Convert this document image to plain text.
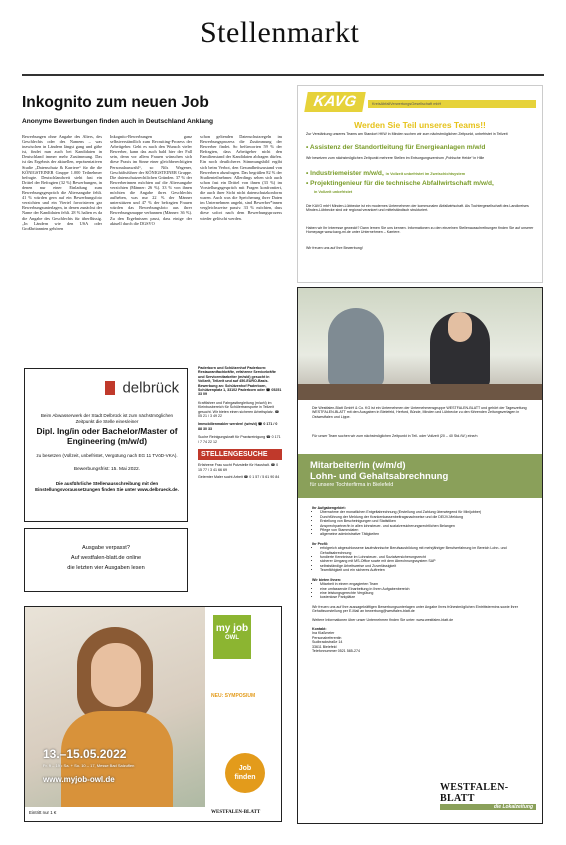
Stellenmarkt
Inkognito zum neuen Job
Anonyme Bewerbungen finden auch in Deutschland Anklang
Bewerbungen ohne Angabe des Alters, des Geschlechts oder des Namens – was inzwischen in Ländern längst gang und gäbe ist, findet nun auch bei Kandidaten in Deutschland immer mehr Zustimmung. Das ist das Ergebnis der aktuellen, repräsentativen Studie „Datenschutz & Karriere“ für die die KÖNIGSTEINER Gruppe 1.000 Teilnehmer befragte. Deutschlandweit sieht fast ein Drittel der Befragten (32 %) Bewerbungen, in denen nur einer Einladung zum Bewerbungsgespräch die Altersangabe fehlt. 41 % würden gern auf ein Bewerbungsfoto verzichten und ein Viertel favorisieren gar Bewerbungsunterlagen, in denen zunächst der Name der Kandidaten fehlt. 28 % halten es da die Angabe des Geschlechts für überflüssig. „In Ländern wie den USA oder Großbritannien gehören
Inkognito-Bewerbungen ganz selbstverständlich zum Recruiting-Prozess der Arbeitgeber. Geht es nach den Wunsch vieler Bewerber, kann das auch bald hier der Fall sein, denn vor allem Frauen wünschen sich diese Praxis im Sinne einer gleichberechtigten Personalauswahl“, so Nils Wagener, Geschäftsführer der KÖNIGSTEINER Gruppe. Die datenschutzrechtlichen Gründen. 37 % der Bewerberinnen möchten auf die Altersangabe verzichten (Männer: 26 %). 33 % von ihnen möchten die Angabe ihres Geschlechts aufheben, was nur 22 % der Männer unterstützen und 47 % der befragten Frauen würden das Bewerbungsfoto aus ihrer Bewerbungsmappe verbannen (Männer: 36 %). Zu den Ergebnissen passt, dass einige der aktuell durch die DGSVO
schon geltenden Datenschutzregeln im Bewerbungsprozess die Zustimmung der Bewerber findet. So befürworten 59 % der Befragten, dass Arbeitgeber nicht den Familienstand der Kandidaten abfragen dürfen. Ein noch deutlicheres Stimmungsbild ergibt sich beim Verbot, den Gesundheitszustand von Bewerbern abzufragen. Das begrüßen 82 % der Studienteilnehmer. Allerdings sehen sich auch schon fast ein Drittel von ihnen (33 %) im Vorstellungsgespräch mit Fragen konfrontiert, die auch ihrer Sicht nicht datenschutzkonform waren. Auch was die Speicherung ihrer Daten im Unternehmen angeht, sind Bewerber*innen vergleichsweise passiv. 33 % möchten, dass diese sofort nach dem Bewerbungsprozess wieder gelöscht werden.
KAVG	KreisAbfallVerwertungsGesellschaft mbH
Werden Sie Teil unseres Teams!!
Zur Verstärkung unseres Teams am Standort HKW in Minden suchen wir zum nächstmöglichen Zeitpunkt, unbefristet in Teilzeit
• Assistenz der Standortleitung für Energieanlagen m/w/d
Wir besetzen zum nächstmöglichen Zeitpunkt mehrere Stellen im Entsorgungszentrum „Pohlsche Heide“ in Hille
• Industriemeister m/w/d, in Vollzeit unbefristet im Zweischichtsystem
• Projektingenieur für die technische Abfallwirtschaft m/w/d,
in Vollzeit unbefristet
Die KAVG mbH Minden-Lübbecke ist ein modernes Unternehmen der kommunalen Abfallwirtschaft. Als Tochtergesellschaft des Landkreises Minden-Lübbecke sind wir regional verankert und mittelständisch strukturiert.
Haben wir Ihr Interesse geweckt? Dann lernen Sie uns kennen. Informationen zu den einzelnen Stellenausschreibungen finden Sie auf unserer Homepage www.kavg-mi.de unter Unternehmen – Karriere.
Wir freuen uns auf Ihre Bewerbung!
delbrück
Beim Abwasserwerk der Stadt Delbrück ist zum nächstmöglichen Zeitpunkt die Stelle eines/einer
Dipl. Ing/in oder Bachelor/Master of Engineering (m/w/d)
zu besetzen (Vollzeit, unbefristet, Vergütung nach EG 11 TVöD-VKA).
Bewerbungsfrist: 15. Mai 2022.
Die ausführliche Stellenausschreibung mit den Einstellungsvoraussetzungen finden Sie unter www.delbrueck.de.
Ausgabe verpasst?
Auf westfalen-blatt.de online
die letzten vier Ausgaben lesen
Paderborn und Schützenhof Paderborn: Restaurantfachkräfte, erfahrene Servicekräfte und Servicemitarbeiter (m/w/d) gesucht in Vollzeit, Teilzeit und auf 450-EURO-Basis. Bewerbung an: Schützenhof Paderborn, Schützenplatz 1, 33102 Paderborn oder ☎ 05251 33 09
Kraftfahrer und Fahrgastbegleitung (m/w/d) im Kleinbusbereich für Schülertransporte in Teilzeit gesucht. Wir bieten einen sicheren Arbeitsplatz. ☎ 05 21 / 3 49 22
Immobilienmakler werden! (w/m/d) ☎ 0 171 / 0 88 30 33
Suche Reinigungskraft für Praxisreinigung ☎ 0 171 / 7 74 22 12
STELLENGESUCHE
Erfahrene Frau sucht Putzstelle für Haushalt. ☎ 0 15 77 / 3 41 66 69
Gelernter Maler sucht Arbeit ☎ 0 1 57 / 5 61 90 84
my job
OWL
NEU: SYMPOSIUM
13.–15.05.2022
Fr. 9 – 19 • Sa. + So. 10 – 17, Messe Bad Salzuflen
www.myjob-owl.de
Job
finden
Eintritt nur 1 €	WESTFALEN-BLATT
Die Westfalen-Blatt GmbH & Co. KG ist ein Unternehmen der Unternehmensgruppe WESTFALEN-BLATT und gehört der Tageszeitung WESTFALEN-BLATT mit den Ausgaben in Bielefeld, Herford, Bünde, Minden und Lübbecke zu den führenden Zeitungsverlagen in Ostwestfalen und Lippe.
Für unser Team suchen wir zum nächstmöglichen Zeitpunkt in Teil- oder Vollzeit (20 – 40 Std./W.) eine/n
Mitarbeiter/in (w/m/d)
Lohn- und Gehaltsabrechnung
für unsere Tochterfirma in Bielefeld
Ihr Aufgabengebiet:
• Übernahme der monatlichen Entgeltabrechnung (Erstellung und Zahlung überwiegend für Minijobber)
• Durchführung der Meldung der Krankenkassenbeitragsnachweise und die DEÜV-Meldung
• Erstellung von Bescheinigungen und Statistiken
• Ansprechpartner/in in allen lohnsteuer- und sozialversicherungsrechtlichen Belangen
• Pflege von Stammdaten
• allgemeine administrative Tätigkeiten
Ihr Profil:
• erfolgreich abgeschlossene kaufmännische Berufsausbildung mit mehrjähriger Berufserfahrung im Bereich Lohn- und Gehaltsabrechnung
• fundierte Kenntnisse im Lohnsteuer- und Sozialversicherungsrecht
• sicherer Umgang mit MS-Office sowie mit dem Abrechnungssystem SAP
• selbstständige Arbeitsweise und Zuverlässigkeit
• Teamfähigkeit und ein sicheres Auftreten
Wir bieten Ihnen:
• Mitarbeit in einem engagierten Team
• eine umfassende Einarbeitung in Ihren Aufgabenbereich
• eine leistungsgerechte Vergütung
• kostenlose Parkplätze
Wir freuen uns auf Ihre aussagekräftigen Bewerbungsunterlagen unter Angabe Ihres frühestmöglichen Eintrittstermins sowie Ihrer Gehaltsvorstellung per E-Mail an bewerbung@westfalen-blatt.de
Weitere Informationen über unser Unternehmen finden Sie unter: www.westfalen-blatt.de
Kontakt:
Ina Klaßmeier
Personalreferentin
Sudbrackstraße 14
33611 Bielefeld
Telefonnummer 0521 585-274
WESTFALEN-BLATT
die Lokalzeitung
